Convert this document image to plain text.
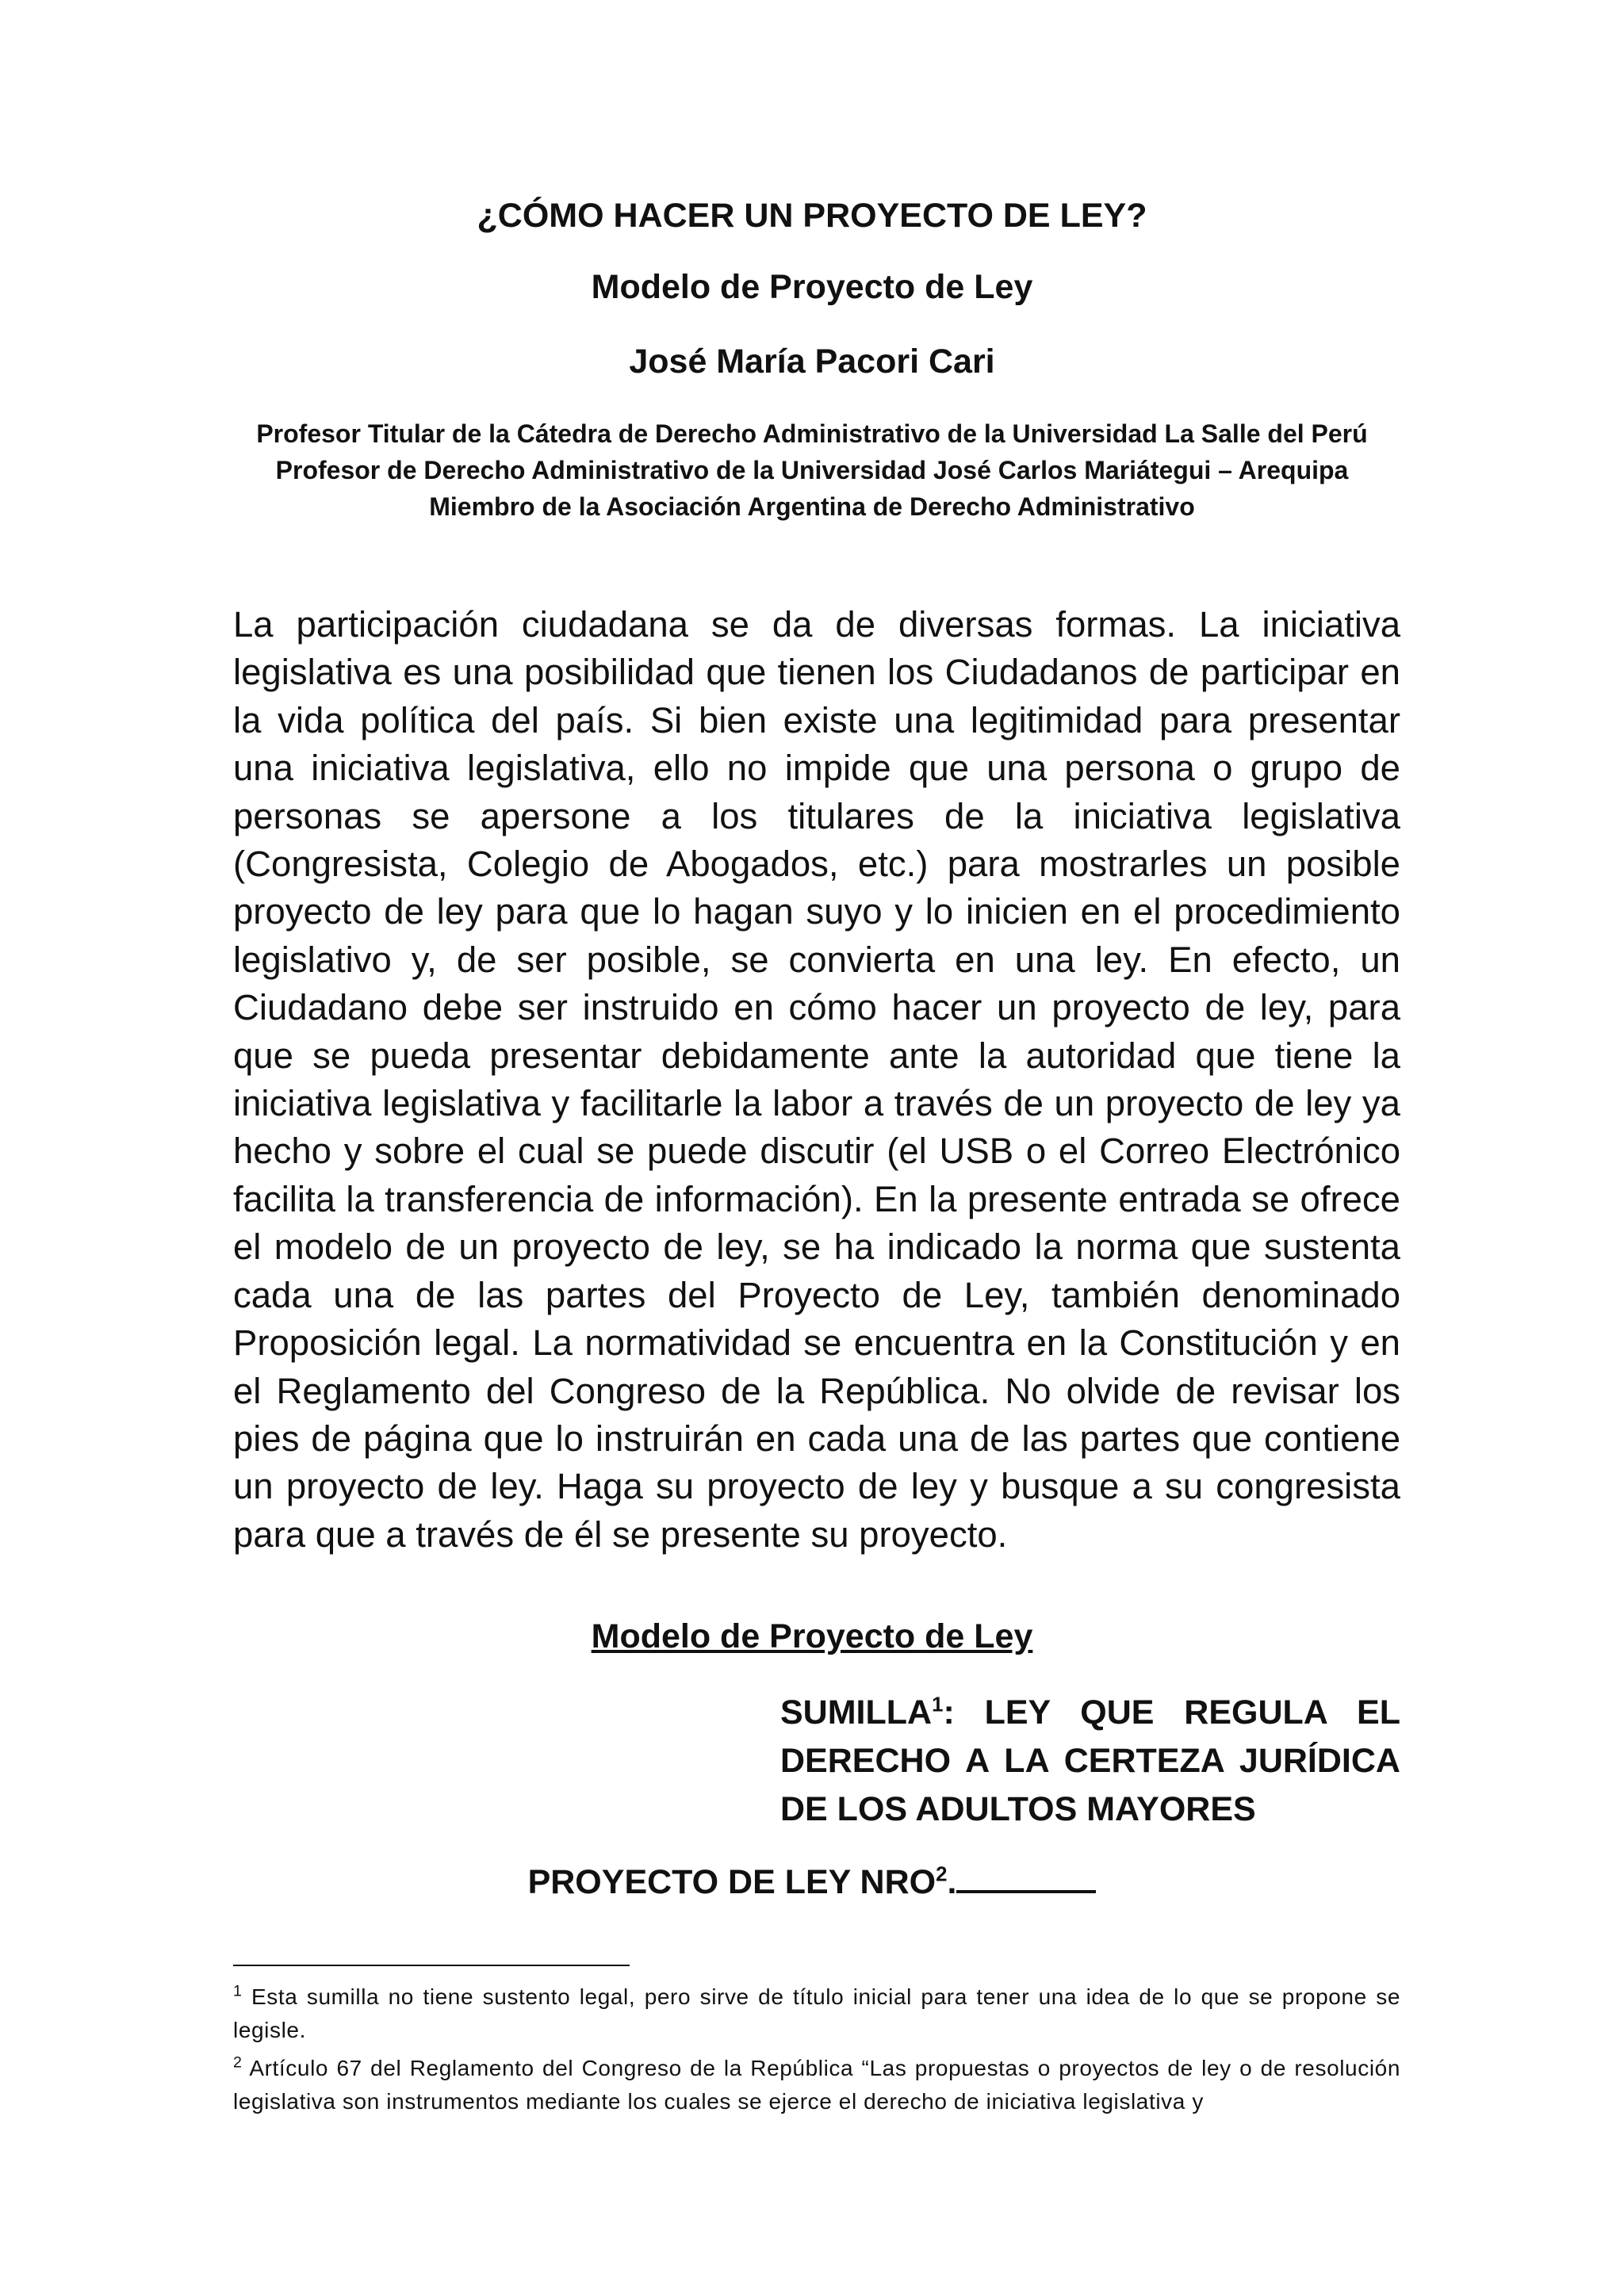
¿CÓMO HACER UN PROYECTO DE LEY?
Modelo de Proyecto de Ley
José María Pacori Cari
Profesor Titular de la Cátedra de Derecho Administrativo de la Universidad La Salle del Perú
Profesor de Derecho Administrativo de la Universidad José Carlos Mariátegui – Arequipa
Miembro de la Asociación Argentina de Derecho Administrativo

La participación ciudadana se da de diversas formas. La iniciativa legislativa es una posibilidad que tienen los Ciudadanos de participar en la vida política del país. Si bien existe una legitimidad para presentar una iniciativa legislativa, ello no impide que una persona o grupo de personas se apersone a los titulares de la iniciativa legislativa (Congresista, Colegio de Abogados, etc.) para mostrarles un posible proyecto de ley para que lo hagan suyo y lo inicien en el procedimiento legislativo y, de ser posible, se convierta en una ley. En efecto, un Ciudadano debe ser instruido en cómo hacer un proyecto de ley, para que se pueda presentar debidamente ante la autoridad que tiene la iniciativa legislativa y facilitarle la labor a través de un proyecto de ley ya hecho y sobre el cual se puede discutir (el USB o el Correo Electrónico facilita la transferencia de información). En la presente entrada se ofrece el modelo de un proyecto de ley, se ha indicado la norma que sustenta cada una de las partes del Proyecto de Ley, también denominado Proposición legal. La normatividad se encuentra en la Constitución y en el Reglamento del Congreso de la República. No olvide de revisar los pies de página que lo instruirán en cada una de las partes que contiene un proyecto de ley. Haga su proyecto de ley y busque a su congresista para que a través de él se presente su proyecto.

Modelo de Proyecto de Ley
SUMILLA$^1$: LEY QUE REGULA EL DERECHO A LA CERTEZA JURÍDICA DE LOS ADULTOS MAYORES
PROYECTO DE LEY NRO$^2$.

$^1$ Esta sumilla no tiene sustento legal, pero sirve de título inicial para tener una idea de lo que se propone se legisle.

$^2$ Artículo 67 del Reglamento del Congreso de la República “Las propuestas o proyectos de ley o de resolución legislativa son instrumentos mediante los cuales se ejerce el derecho de iniciativa legislativa y
